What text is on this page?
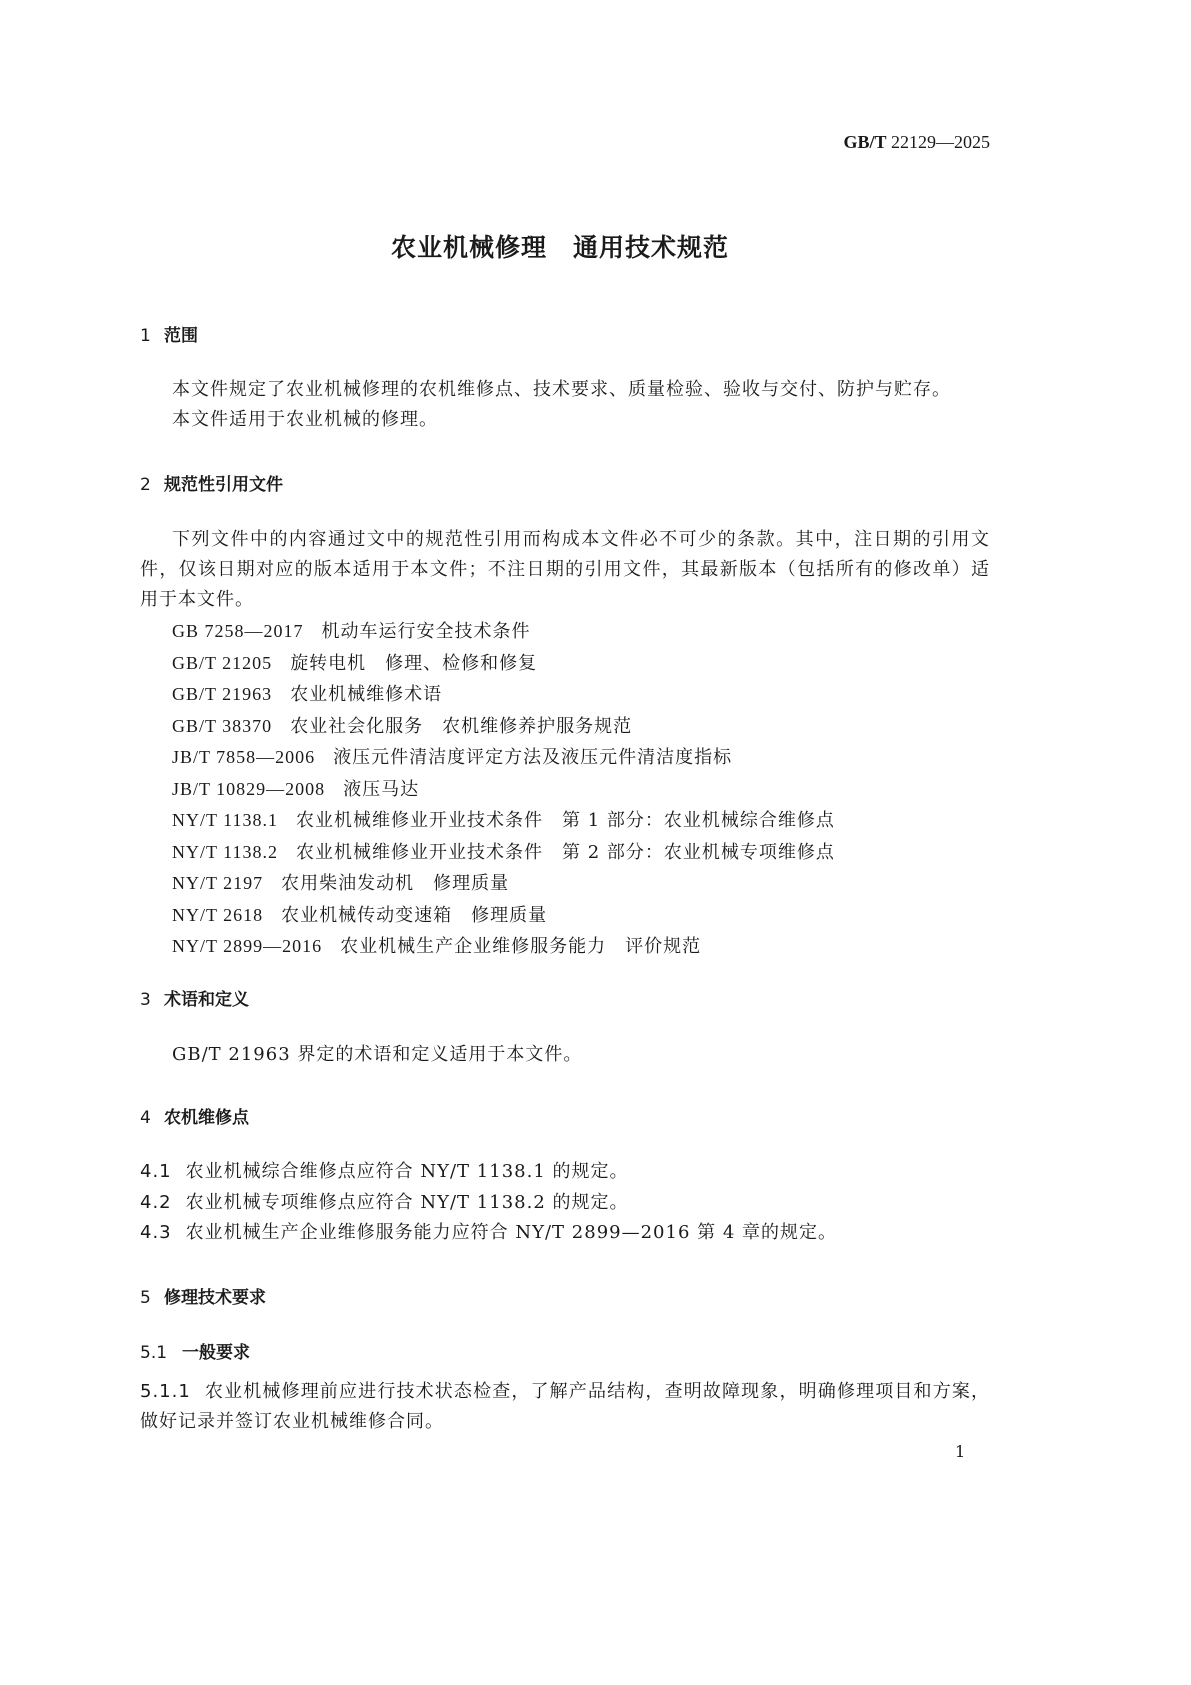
GB/T 22129—2025
农业机械修理　通用技术规范
1 范围
本文件规定了农业机械修理的农机维修点、技术要求、质量检验、验收与交付、防护与贮存。
本文件适用于农业机械的修理。
2 规范性引用文件
下列文件中的内容通过文中的规范性引用而构成本文件必不可少的条款。其中，注日期的引用文件，仅该日期对应的版本适用于本文件；不注日期的引用文件，其最新版本（包括所有的修改单）适用于本文件。
GB 7258—2017 机动车运行安全技术条件
GB/T 21205 旋转电机　修理、检修和修复
GB/T 21963 农业机械维修术语
GB/T 38370 农业社会化服务　农机维修养护服务规范
JB/T 7858—2006 液压元件清洁度评定方法及液压元件清洁度指标
JB/T 10829—2008 液压马达
NY/T 1138.1 农业机械维修业开业技术条件　第 1 部分：农业机械综合维修点
NY/T 1138.2 农业机械维修业开业技术条件　第 2 部分：农业机械专项维修点
NY/T 2197 农用柴油发动机　修理质量
NY/T 2618 农业机械传动变速箱　修理质量
NY/T 2899—2016 农业机械生产企业维修服务能力　评价规范
3 术语和定义
GB/T 21963 界定的术语和定义适用于本文件。
4 农机维修点
4.1 农业机械综合维修点应符合 NY/T 1138.1 的规定。
4.2 农业机械专项维修点应符合 NY/T 1138.2 的规定。
4.3 农业机械生产企业维修服务能力应符合 NY/T 2899—2016 第 4 章的规定。
5 修理技术要求
5.1 一般要求
5.1.1 农业机械修理前应进行技术状态检查，了解产品结构，查明故障现象，明确修理项目和方案，做好记录并签订农业机械维修合同。
1
